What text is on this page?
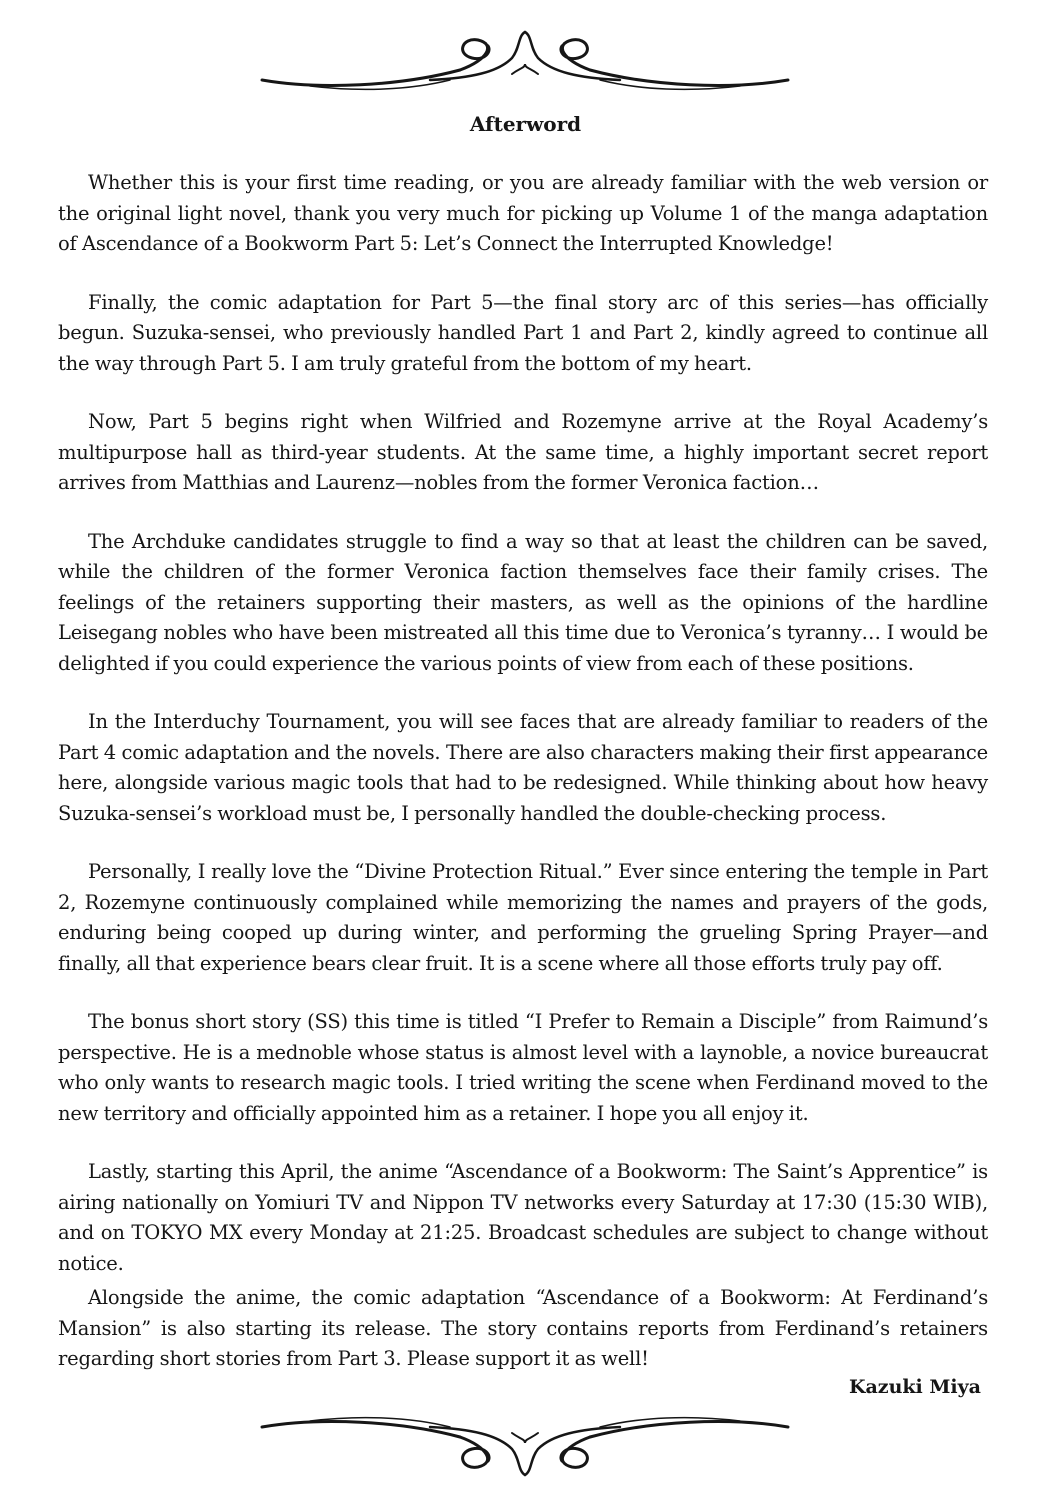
Afterword

Whether this is your first time reading, or you are already familiar with the web version or the original light novel, thank you very much for picking up Volume 1 of the manga adaptation of Ascendance of a Bookworm Part 5: Let’s Connect the Interrupted Knowledge!

Finally, the comic adaptation for Part 5—the final story arc of this series—has officially begun. Suzuka-sensei, who previously handled Part 1 and Part 2, kindly agreed to continue all the way through Part 5. I am truly grateful from the bottom of my heart.

Now, Part 5 begins right when Wilfried and Rozemyne arrive at the Royal Academy’s multipurpose hall as third-year students. At the same time, a highly important secret report arrives from Matthias and Laurenz—nobles from the former Veronica faction…

The Archduke candidates struggle to find a way so that at least the children can be saved, while the children of the former Veronica faction themselves face their family crises. The feelings of the retainers supporting their masters, as well as the opinions of the hardline Leisegang nobles who have been mistreated all this time due to Veronica’s tyranny… I would be delighted if you could experience the various points of view from each of these positions.

In the Interduchy Tournament, you will see faces that are already familiar to readers of the Part 4 comic adaptation and the novels. There are also characters making their first appearance here, alongside various magic tools that had to be redesigned. While thinking about how heavy Suzuka-sensei’s workload must be, I personally handled the double-checking process.

Personally, I really love the “Divine Protection Ritual.” Ever since entering the temple in Part 2, Rozemyne continuously complained while memorizing the names and prayers of the gods, enduring being cooped up during winter, and performing the grueling Spring Prayer—and finally, all that experience bears clear fruit. It is a scene where all those efforts truly pay off.

The bonus short story (SS) this time is titled “I Prefer to Remain a Disciple” from Raimund’s perspective. He is a mednoble whose status is almost level with a laynoble, a novice bureaucrat who only wants to research magic tools. I tried writing the scene when Ferdinand moved to the new territory and officially appointed him as a retainer. I hope you all enjoy it.

Lastly, starting this April, the anime “Ascendance of a Bookworm: The Saint’s Apprentice” is airing nationally on Yomiuri TV and Nippon TV networks every Saturday at 17:30 (15:30 WIB), and on TOKYO MX every Monday at 21:25. Broadcast schedules are subject to change without notice.

Alongside the anime, the comic adaptation “Ascendance of a Bookworm: At Ferdinand’s Mansion” is also starting its release. The story contains reports from Ferdinand’s retainers regarding short stories from Part 3. Please support it as well!

Kazuki Miya
